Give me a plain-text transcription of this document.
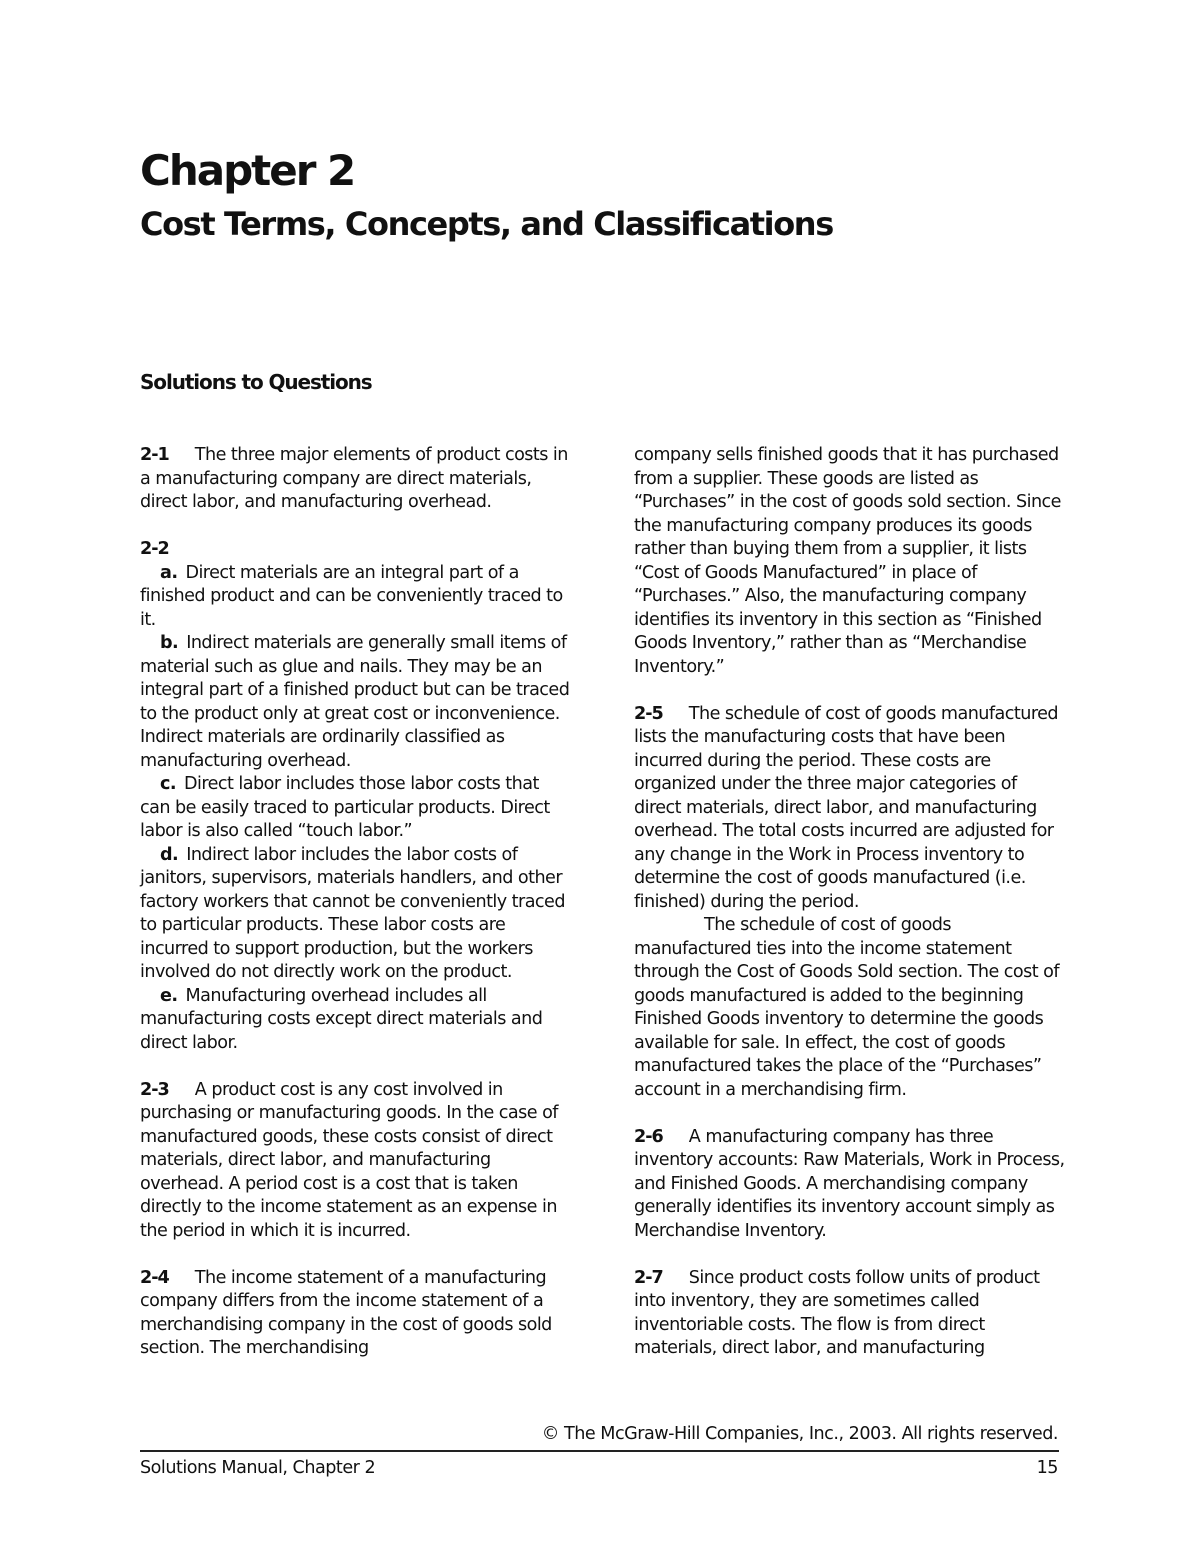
Chapter 2
Cost Terms, Concepts, and Classifications
Solutions to Questions

2-1 The three major elements of product costs in a manufacturing company are direct materials, direct labor, and manufacturing overhead.

2-2
a. Direct materials are an integral part of a finished product and can be conveniently traced to it.
b. Indirect materials are generally small items of material such as glue and nails. They may be an integral part of a finished product but can be traced to the product only at great cost or inconvenience. Indirect materials are ordinarily classified as manufacturing overhead.
c. Direct labor includes those labor costs that can be easily traced to particular products. Direct labor is also called “touch labor.”
d. Indirect labor includes the labor costs of janitors, supervisors, materials handlers, and other factory workers that cannot be conveniently traced to particular products. These labor costs are incurred to support production, but the workers involved do not directly work on the product.
e. Manufacturing overhead includes all manufacturing costs except direct materials and direct labor.

2-3 A product cost is any cost involved in purchasing or manufacturing goods. In the case of manufactured goods, these costs consist of direct materials, direct labor, and manufacturing overhead. A period cost is a cost that is taken directly to the income statement as an expense in the period in which it is incurred.

2-4 The income statement of a manufacturing company differs from the income statement of a merchandising company in the cost of goods sold section. The merchandising

company sells finished goods that it has purchased from a supplier. These goods are listed as “Purchases” in the cost of goods sold section. Since the manufacturing company produces its goods rather than buying them from a supplier, it lists “Cost of Goods Manufactured” in place of “Purchases.” Also, the manufacturing company identifies its inventory in this section as “Finished Goods Inventory,” rather than as “Merchandise Inventory.”

2-5 The schedule of cost of goods manufactured lists the manufacturing costs that have been incurred during the period. These costs are organized under the three major categories of direct materials, direct labor, and manufacturing overhead. The total costs incurred are adjusted for any change in the Work in Process inventory to determine the cost of goods manufactured (i.e. finished) during the period.
The schedule of cost of goods manufactured ties into the income statement through the Cost of Goods Sold section. The cost of goods manufactured is added to the beginning Finished Goods inventory to determine the goods available for sale. In effect, the cost of goods manufactured takes the place of the “Purchases” account in a merchandising firm.

2-6 A manufacturing company has three inventory accounts: Raw Materials, Work in Process, and Finished Goods. A merchandising company generally identifies its inventory account simply as Merchandise Inventory.

2-7 Since product costs follow units of product into inventory, they are sometimes called inventoriable costs. The flow is from direct materials, direct labor, and manufacturing

© The McGraw-Hill Companies, Inc., 2003. All rights reserved.
Solutions Manual, Chapter 2	15
